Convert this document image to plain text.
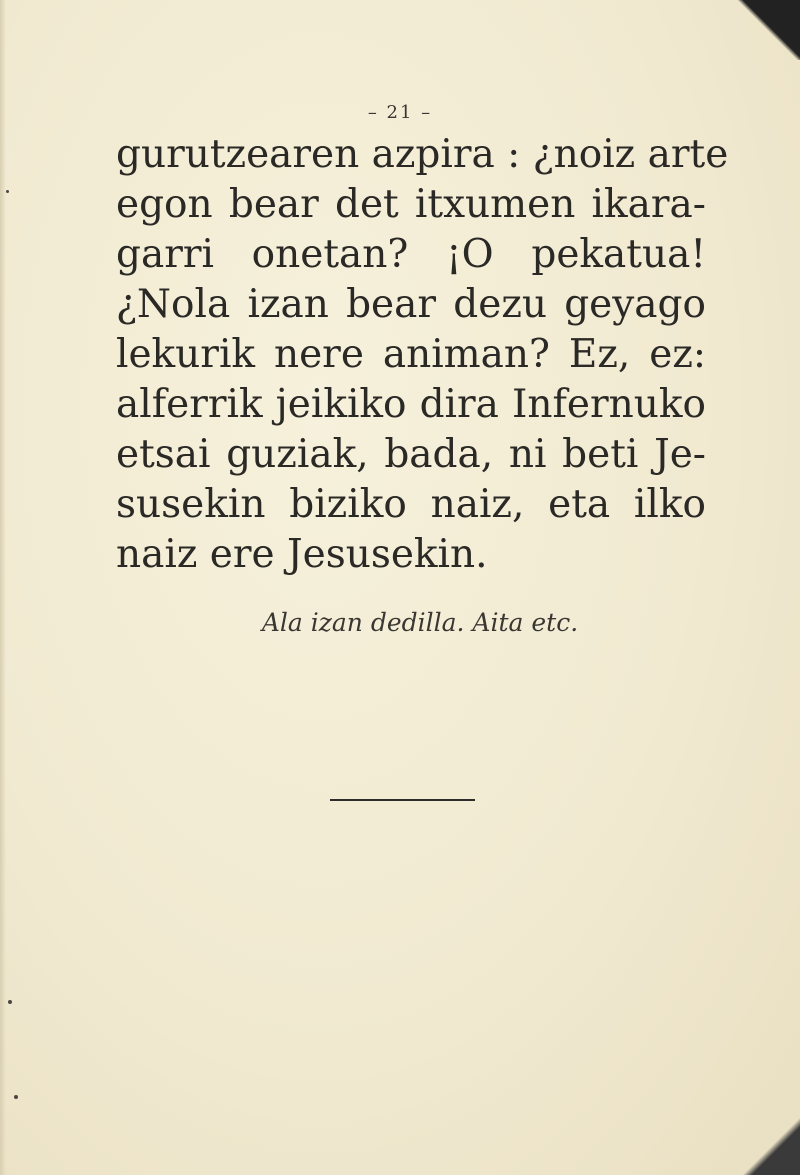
– 21 –
gurutzearen azpira : ¿noiz arte
egon bear det itxumen ikara-
garri onetan? ¡O pekatua!
¿Nola izan bear dezu geyago
lekurik nere animan? Ez, ez:
alferrik jeikiko dira Infernuko
etsai guziak, bada, ni beti Je-
susekin biziko naiz, eta ilko
naiz ere Jesusekin.
Ala izan dedilla. Aita etc.
